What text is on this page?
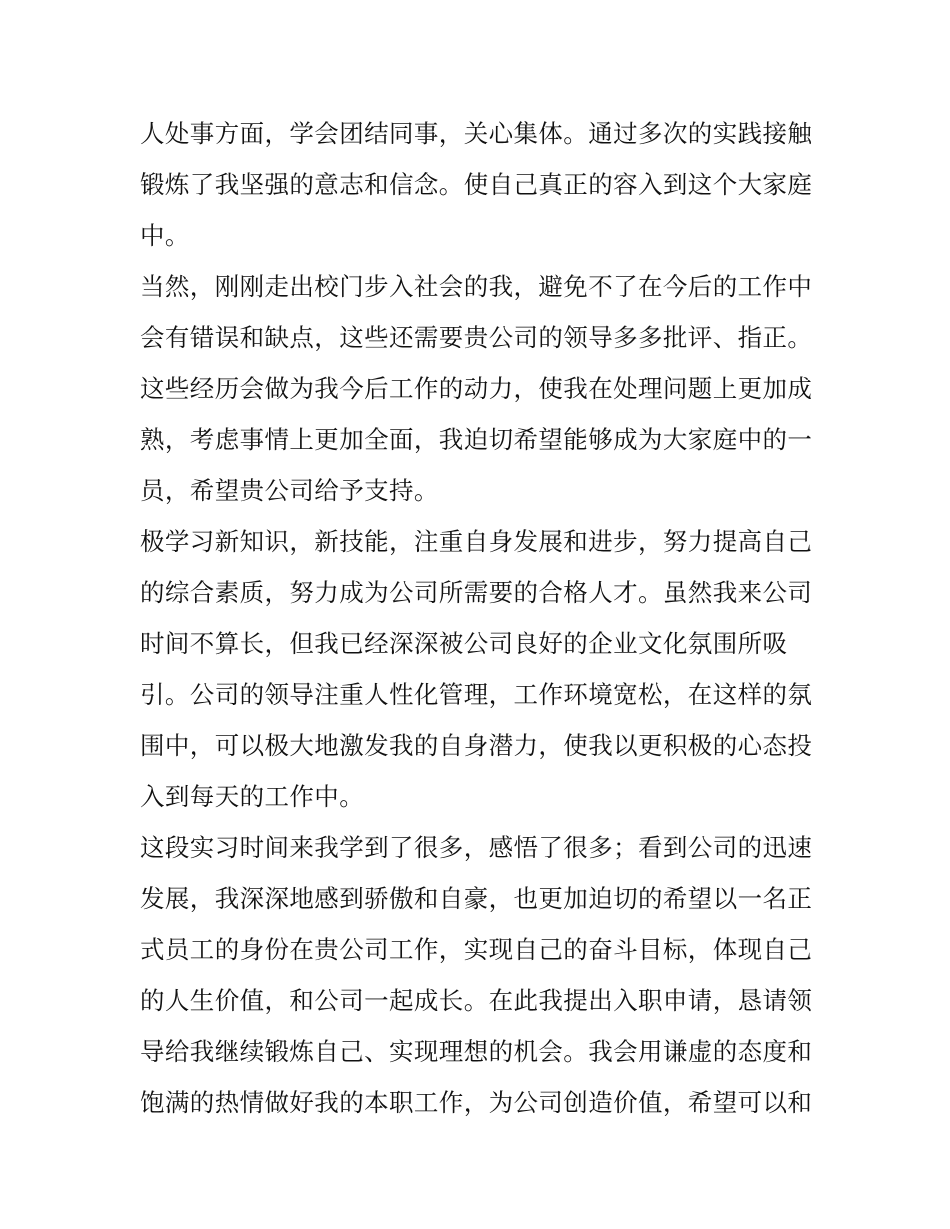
人处事方面，学会团结同事，关心集体。通过多次的实践接触
锻炼了我坚强的意志和信念。使自己真正的容入到这个大家庭
中。
当然，刚刚走出校门步入社会的我，避免不了在今后的工作中
会有错误和缺点，这些还需要贵公司的领导多多批评、指正。
这些经历会做为我今后工作的动力，使我在处理问题上更加成
熟，考虑事情上更加全面，我迫切希望能够成为大家庭中的一
员，希望贵公司给予支持。
极学习新知识，新技能，注重自身发展和进步，努力提高自己
的综合素质，努力成为公司所需要的合格人才。虽然我来公司
时间不算长，但我已经深深被公司良好的企业文化氛围所吸
引。公司的领导注重人性化管理，工作环境宽松，在这样的氛
围中，可以极大地激发我的自身潜力，使我以更积极的心态投
入到每天的工作中。
这段实习时间来我学到了很多，感悟了很多；看到公司的迅速
发展，我深深地感到骄傲和自豪，也更加迫切的希望以一名正
式员工的身份在贵公司工作，实现自己的奋斗目标，体现自己
的人生价值，和公司一起成长。在此我提出入职申请，恳请领
导给我继续锻炼自己、实现理想的机会。我会用谦虚的态度和
饱满的热情做好我的本职工作，为公司创造价值，希望可以和
